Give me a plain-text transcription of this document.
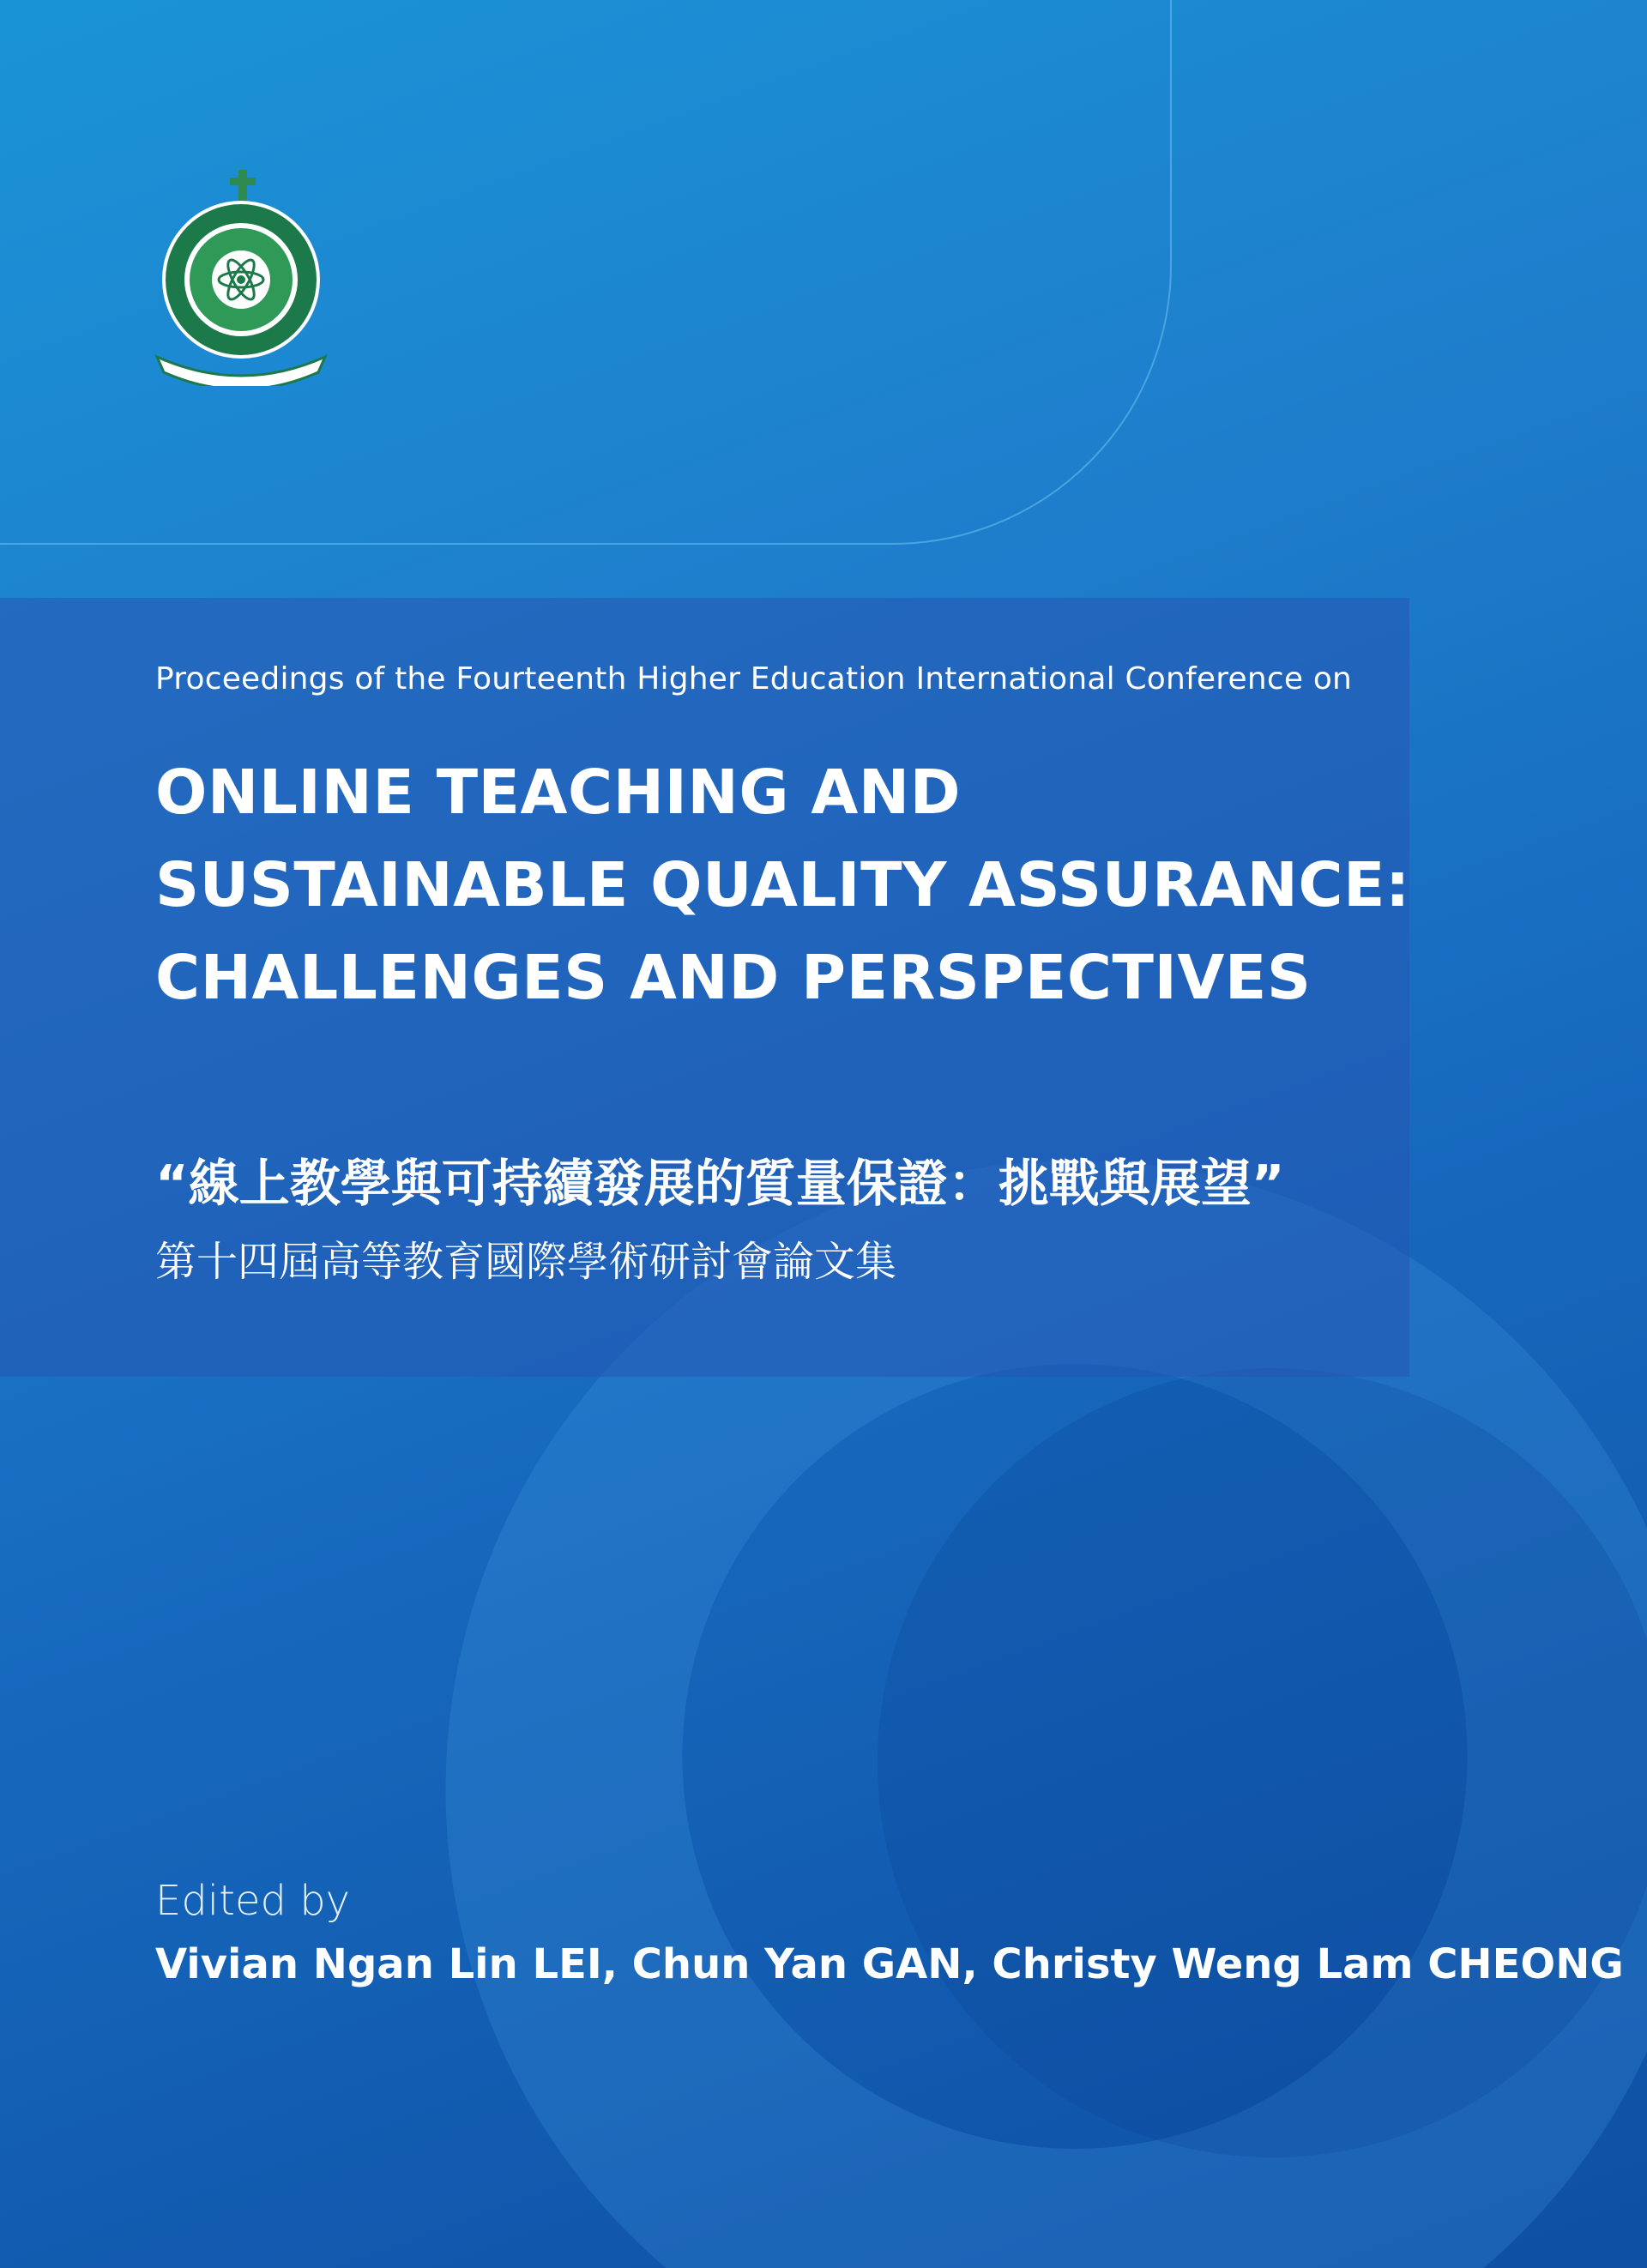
Proceedings of the Fourteenth Higher Education International Conference on

ONLINE TEACHING AND
SUSTAINABLE QUALITY ASSURANCE:
CHALLENGES AND PERSPECTIVES

“線上教學與可持續發展的質量保證：挑戰與展望”

第十四屆高等教育國際學術研討會論文集

Edited by

Vivian Ngan Lin LEI, Chun Yan GAN, Christy Weng Lam CHEONG
